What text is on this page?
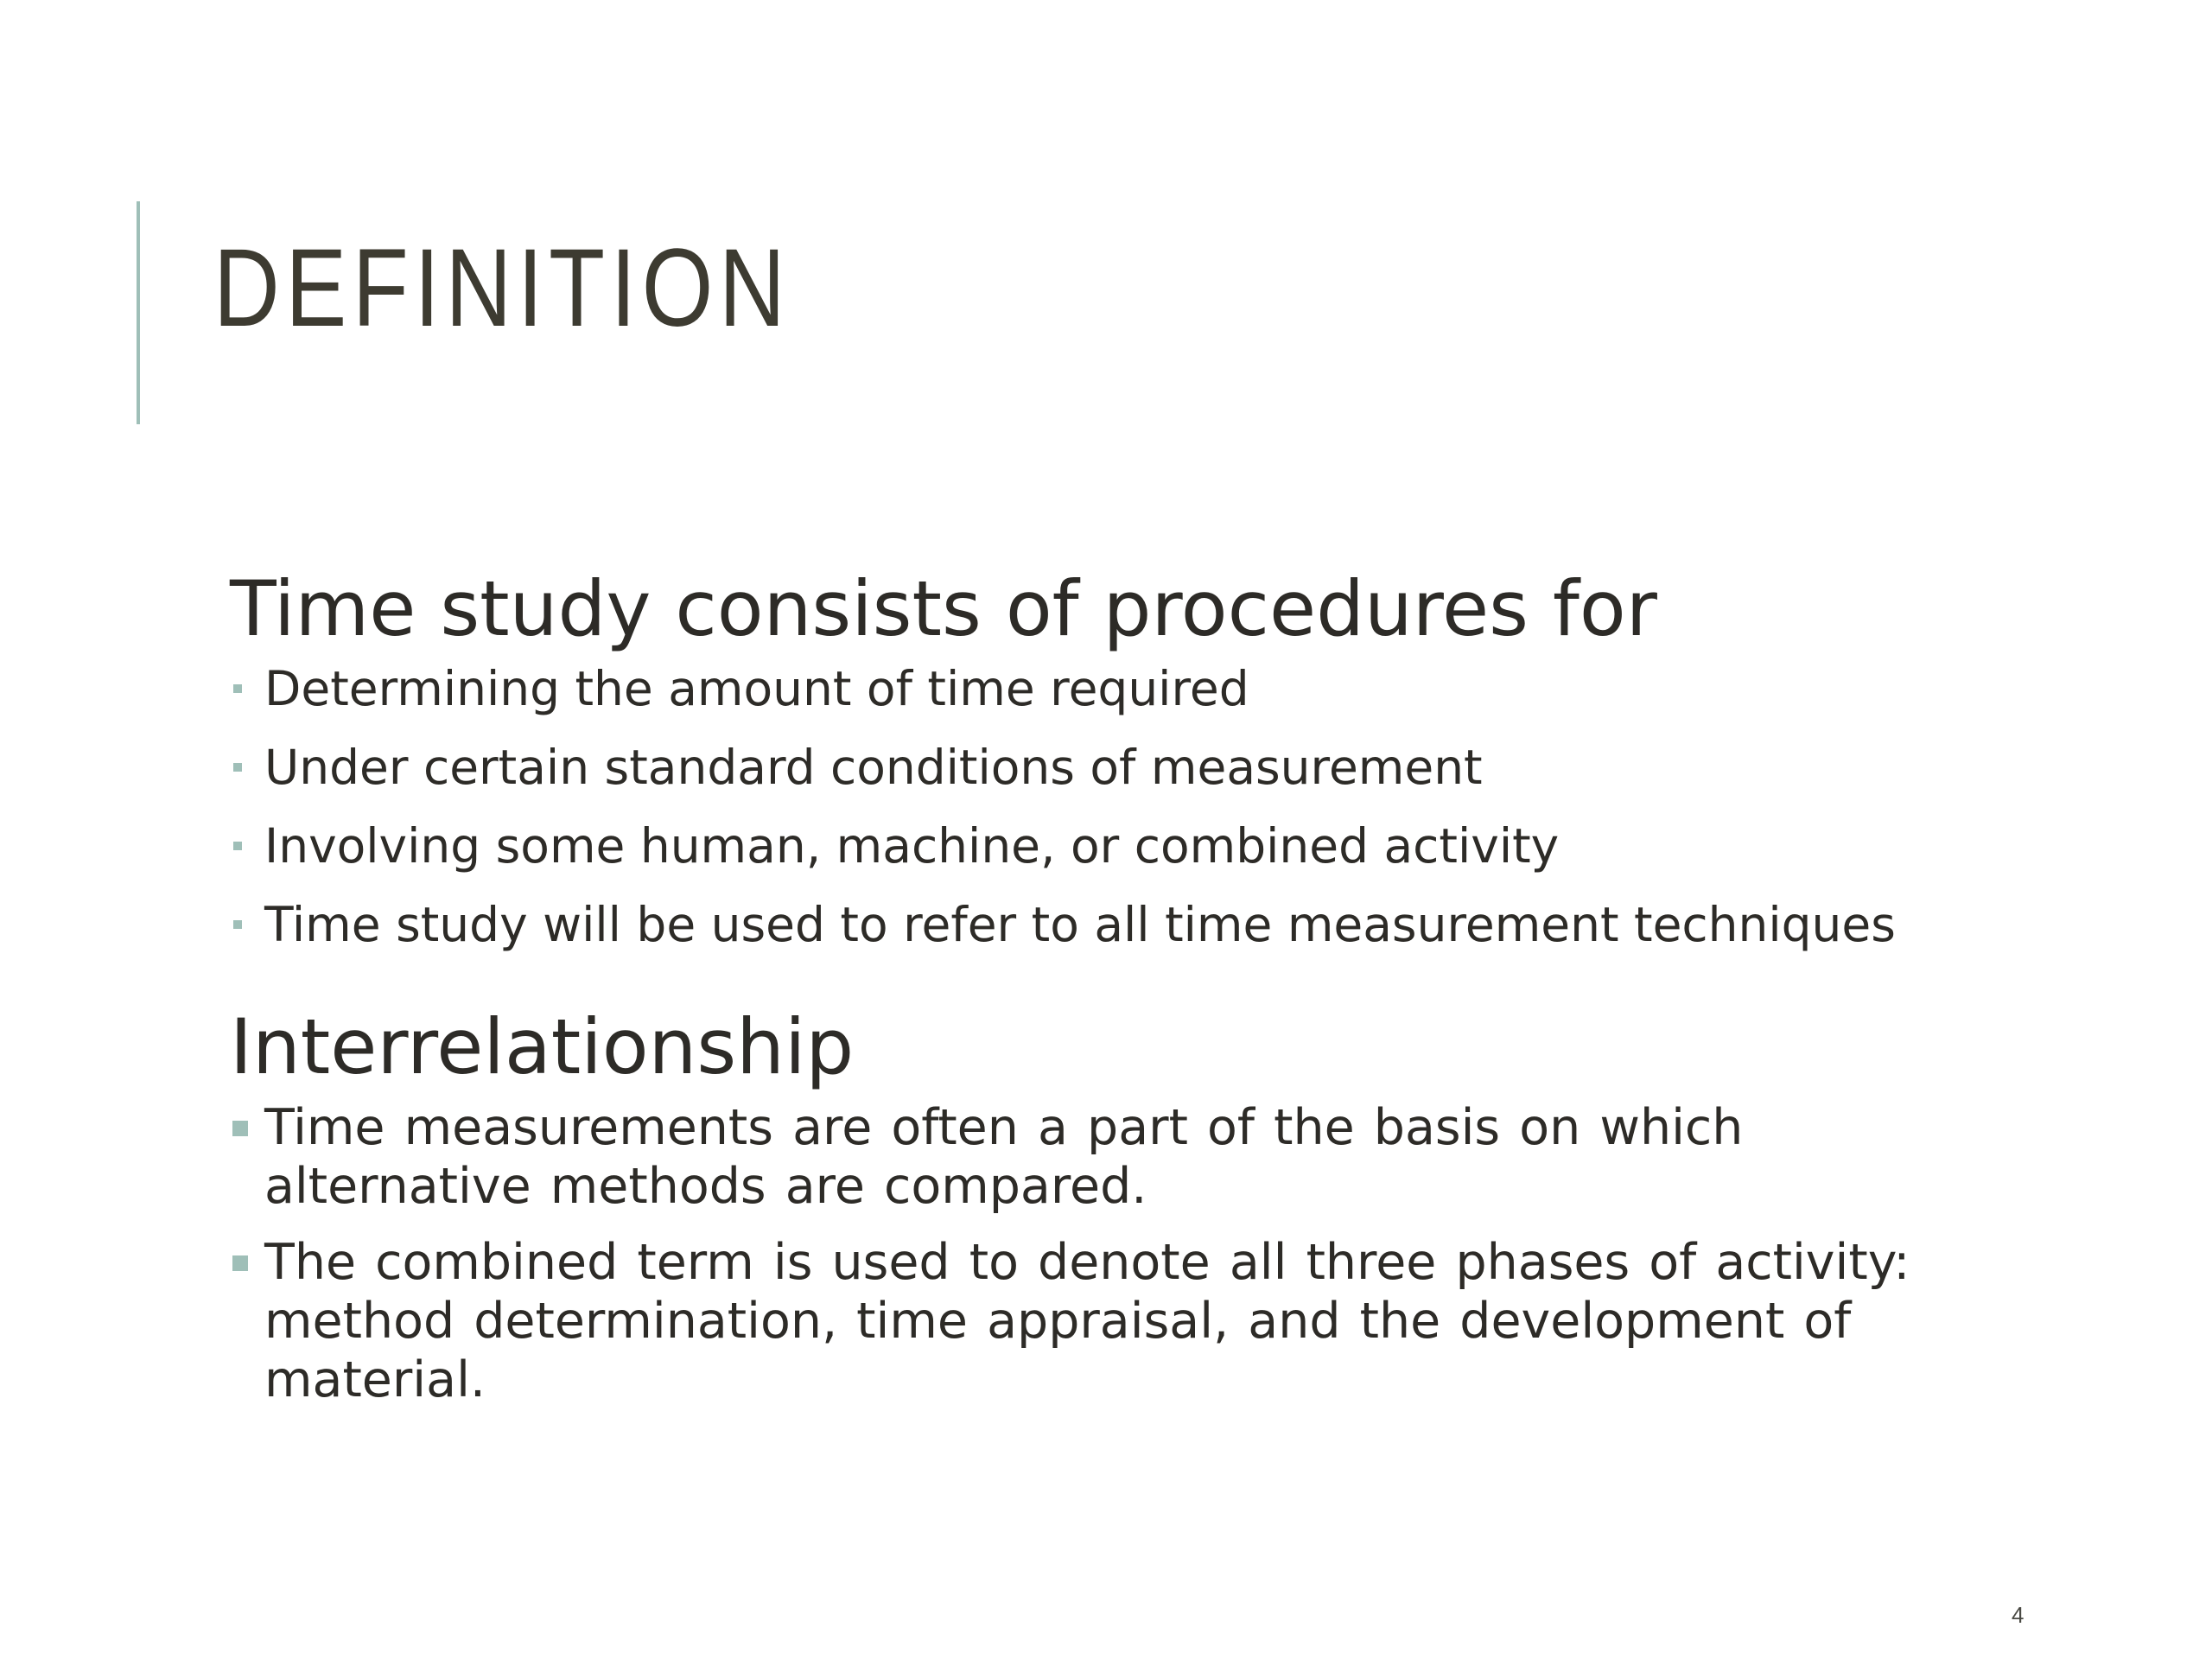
DEFINITION
Time study consists of procedures for
Determining the amount of time required
Under certain standard conditions of measurement
Involving some human, machine, or combined activity
Time study will be used to refer to all time measurement techniques
Interrelationship
Time measurements are often a part of the basis on which alternative methods are compared.
The combined term is used to denote all three phases of activity: method determination, time appraisal, and the development of material.
4
